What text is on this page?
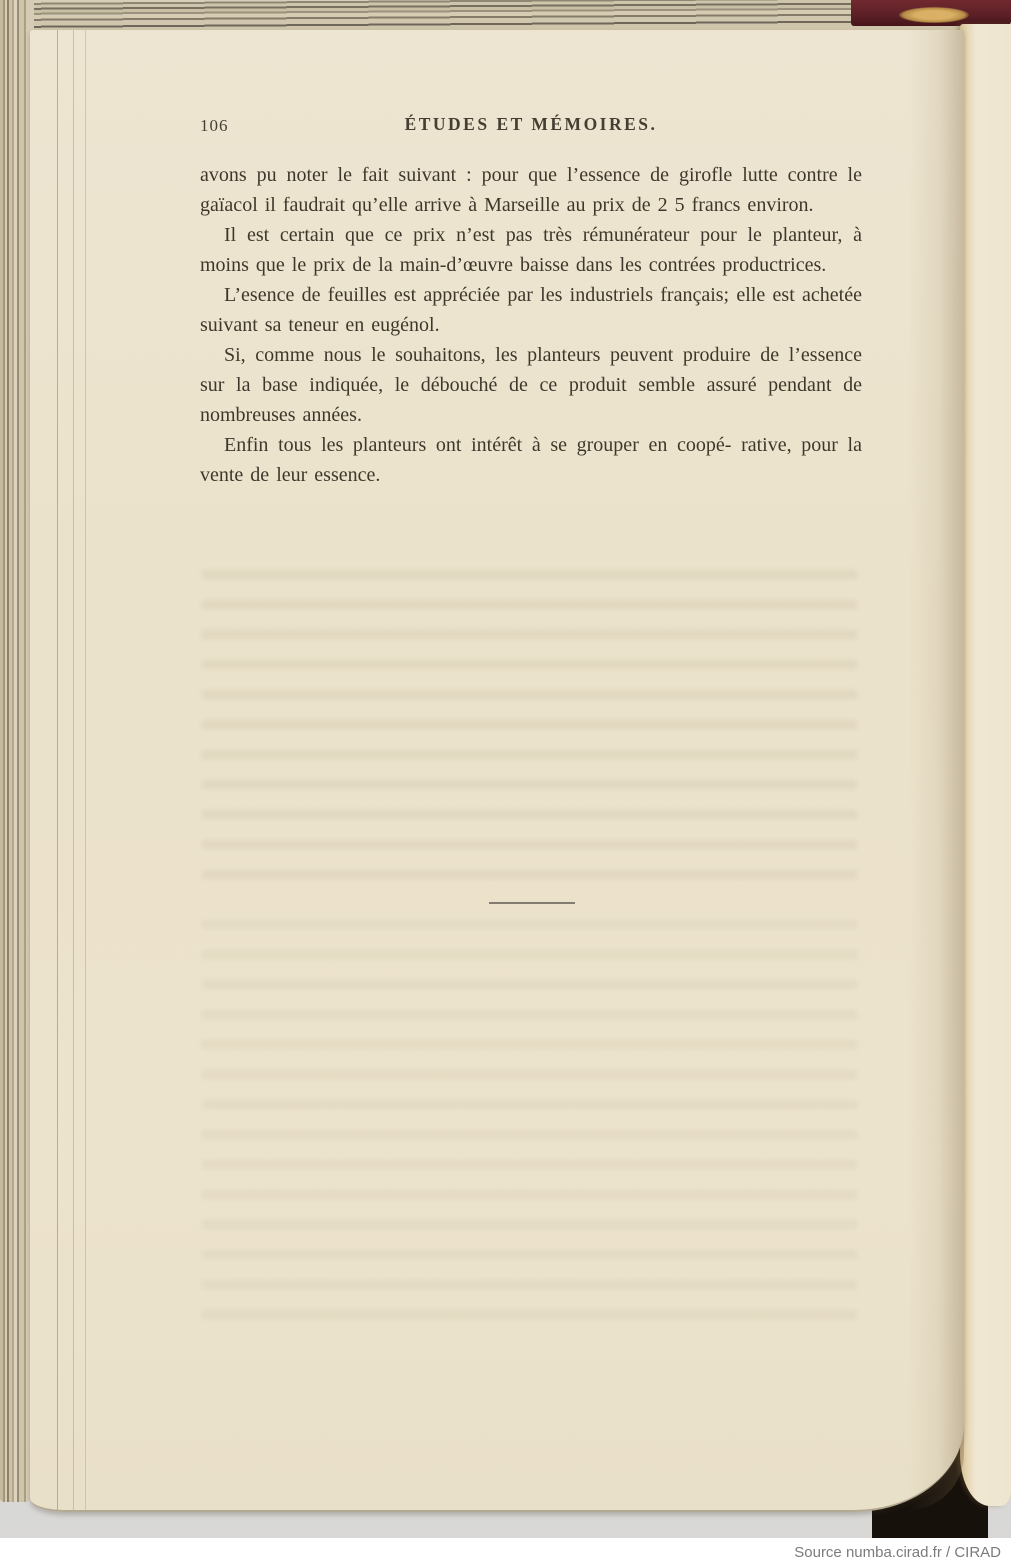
106	ÉTUDES ET MÉMOIRES.

avons pu noter le fait suivant : pour que l’essence de girofle lutte contre le gaïacol il faudrait qu’elle arrive à Marseille au prix de 2 5 francs environ.

Il est certain que ce prix n’est pas très rémunérateur pour le planteur, à moins que le prix de la main-d’œuvre baisse dans les contrées productrices.

L’esence de feuilles est appréciée par les industriels français; elle est achetée suivant sa teneur en eugénol.

Si, comme nous le souhaitons, les planteurs peuvent produire de l’essence sur la base indiquée, le débouché de ce produit semble assuré pendant de nombreuses années.

Enfin tous les planteurs ont intérêt à se grouper en coopé- rative, pour la vente de leur essence.

Source numba.cirad.fr / CIRAD
